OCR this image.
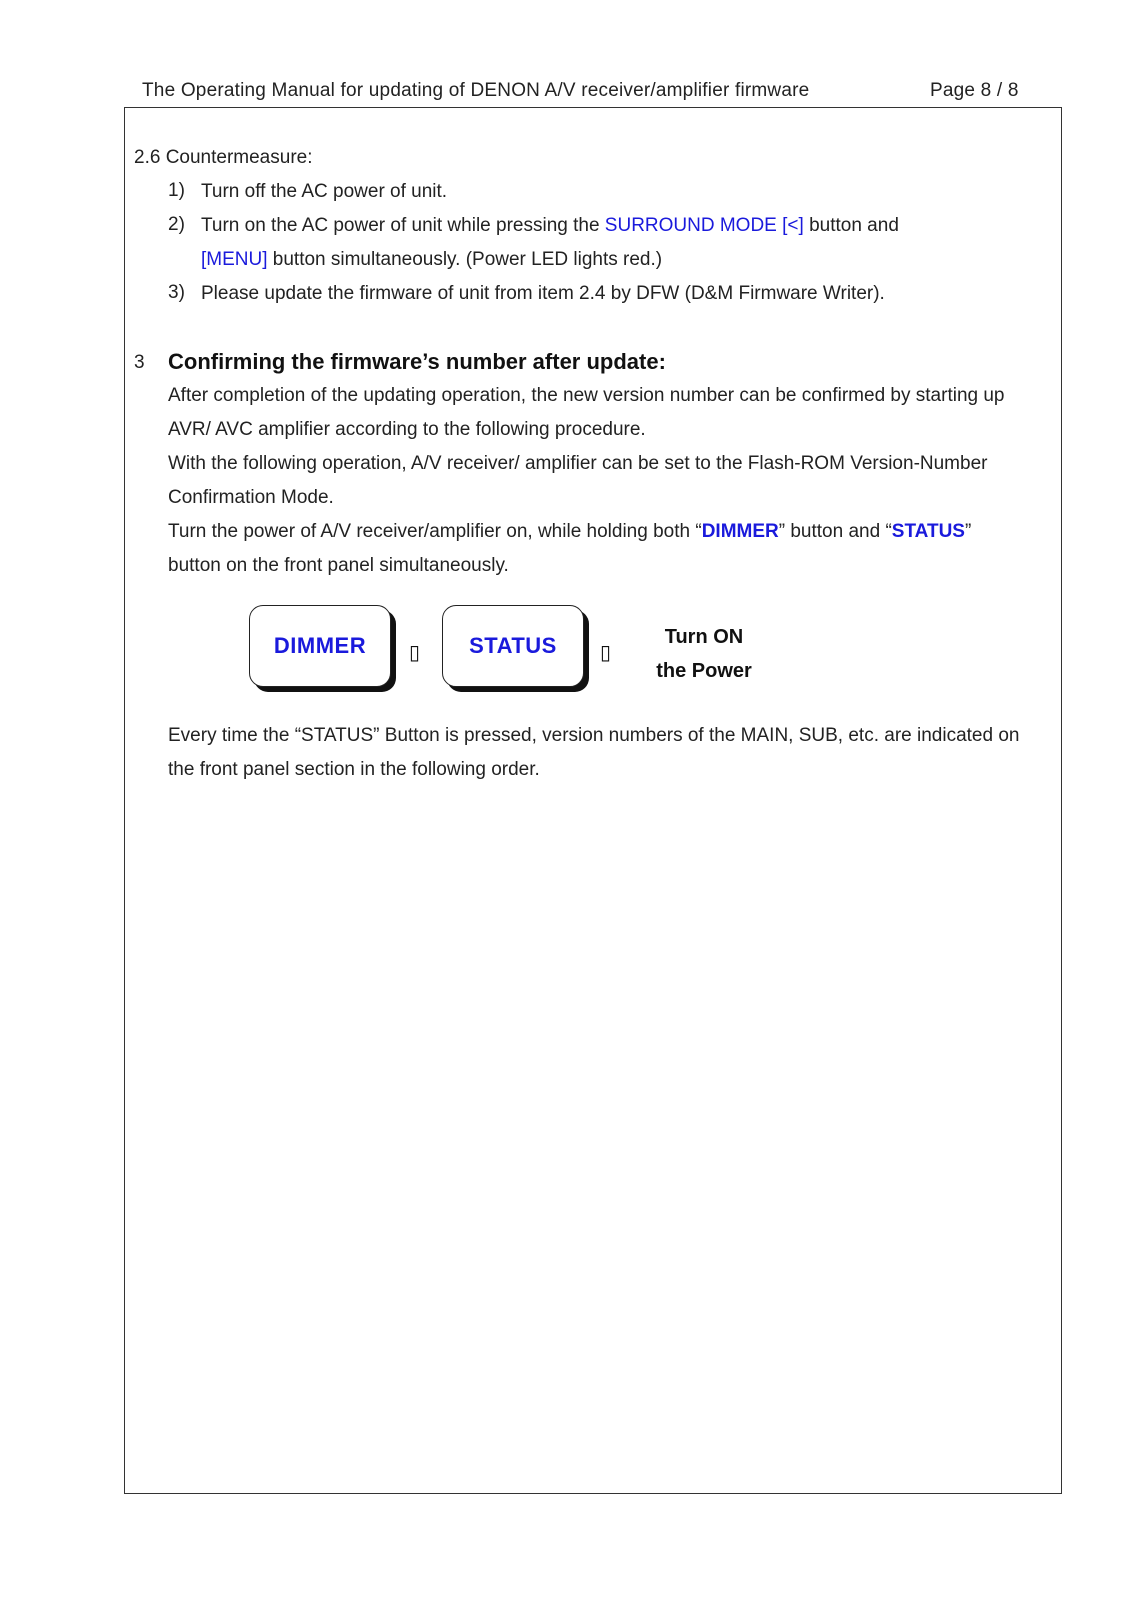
The Operating Manual for updating of DENON A/V receiver/amplifier firmware	Page 8 / 8
2.6 Countermeasure:
1) Turn off the AC power of unit.
2) Turn on the AC power of unit while pressing the SURROUND MODE [<] button and
[MENU] button simultaneously. (Power LED lights red.)
3) Please update the firmware of unit from item 2.4 by DFW (D&M Firmware Writer).
3 Confirming the firmware’s number after update:
After completion of the updating operation, the new version number can be confirmed by starting up
AVR/ AVC amplifier according to the following procedure.
With the following operation, A/V receiver/ amplifier can be set to the Flash-ROM Version-Number
Confirmation Mode.
Turn the power of A/V receiver/amplifier on, while holding both “DIMMER” button and “STATUS”
button on the front panel simultaneously.
DIMMER	▯	STATUS	▯
Turn ON
the Power
Every time the “STATUS” Button is pressed, version numbers of the MAIN, SUB, etc. are indicated on
the front panel section in the following order.
